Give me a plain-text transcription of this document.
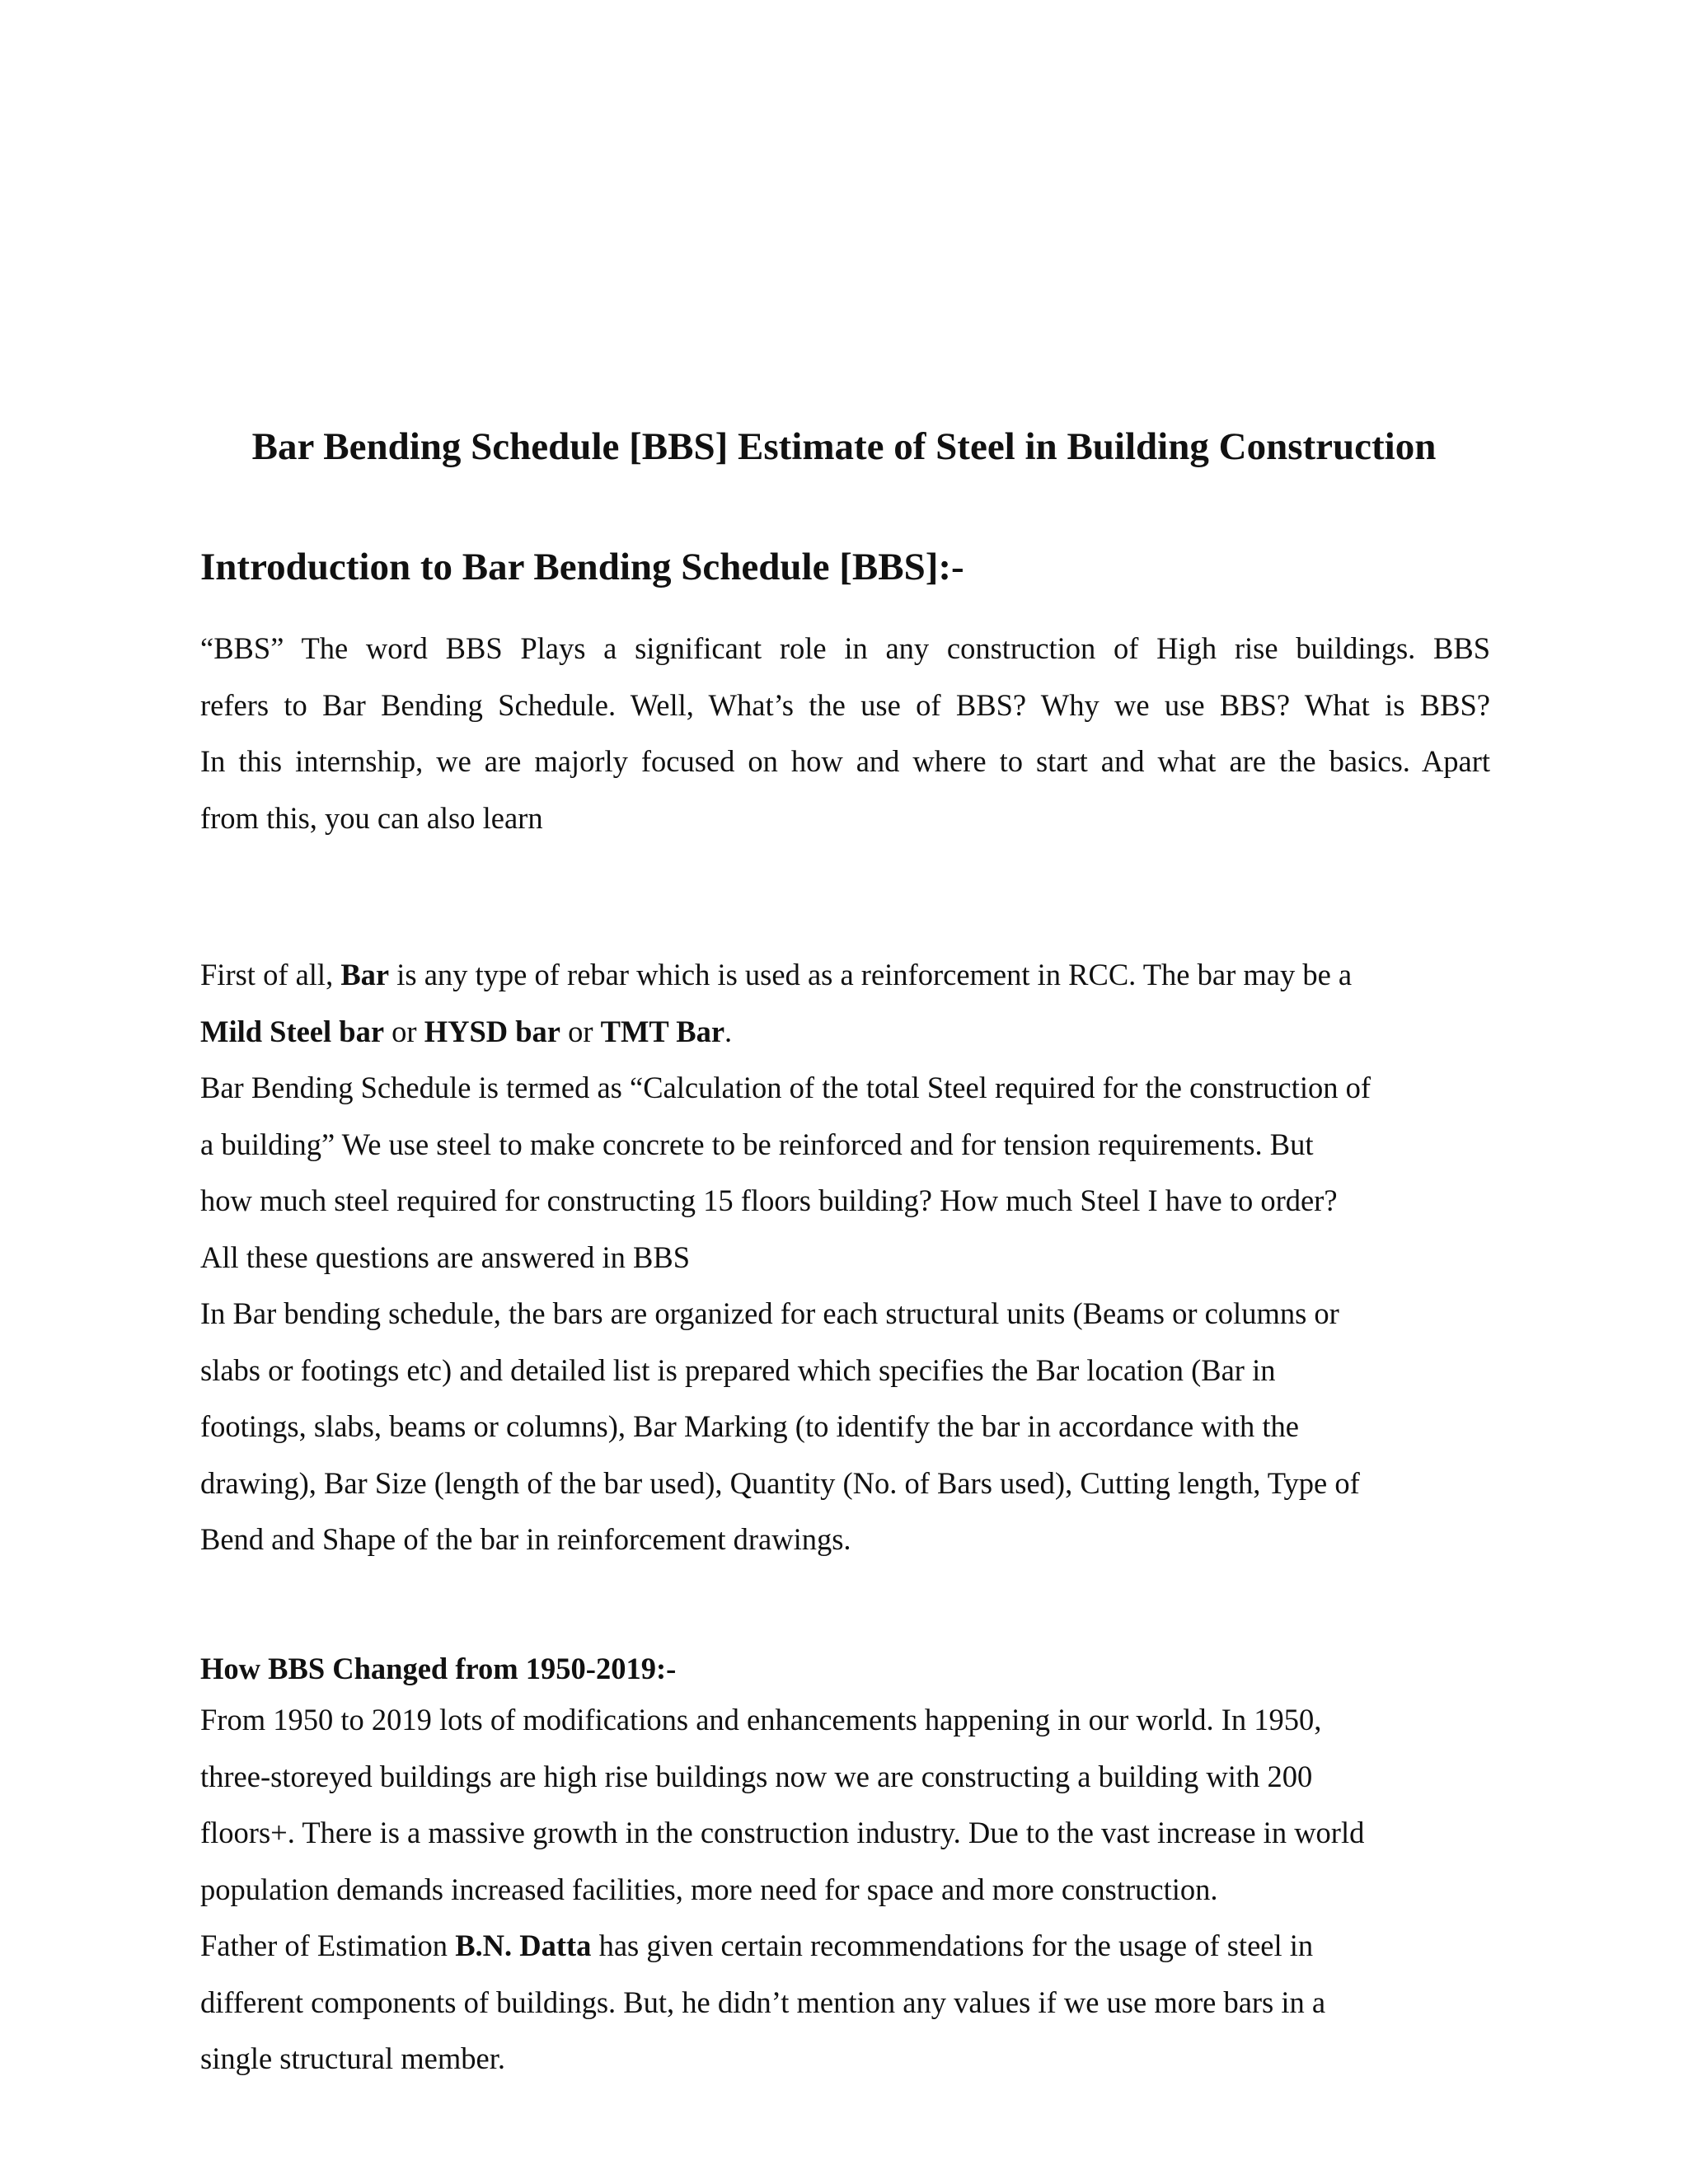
Bar Bending Schedule [BBS] Estimate of Steel in Building Construction
Introduction to Bar Bending Schedule [BBS]:-
“BBS” The word BBS Plays a significant role in any construction of High rise buildings. BBS
refers to Bar Bending Schedule. Well, What’s the use of BBS? Why we use BBS? What is BBS?
In this internship, we are majorly focused on how and where to start and what are the basics. Apart
from this, you can also learn
First of all, Bar is any type of rebar which is used as a reinforcement in RCC. The bar may be a
Mild Steel bar or HYSD bar or TMT Bar.
Bar Bending Schedule is termed as “Calculation of the total Steel required for the construction of
a building” We use steel to make concrete to be reinforced and for tension requirements. But
how much steel required for constructing 15 floors building? How much Steel I have to order?
All these questions are answered in BBS
In Bar bending schedule, the bars are organized for each structural units (Beams or columns or
slabs or footings etc) and detailed list is prepared which specifies the Bar location (Bar in
footings, slabs, beams or columns), Bar Marking (to identify the bar in accordance with the
drawing), Bar Size (length of the bar used), Quantity (No. of Bars used), Cutting length, Type of
Bend and Shape of the bar in reinforcement drawings.
How BBS Changed from 1950-2019:-
From 1950 to 2019 lots of modifications and enhancements happening in our world. In 1950,
three-storeyed buildings are high rise buildings now we are constructing a building with 200
floors+. There is a massive growth in the construction industry. Due to the vast increase in world
population demands increased facilities, more need for space and more construction.
Father of Estimation B.N. Datta has given certain recommendations for the usage of steel in
different components of buildings. But, he didn’t mention any values if we use more bars in a
single structural member.
